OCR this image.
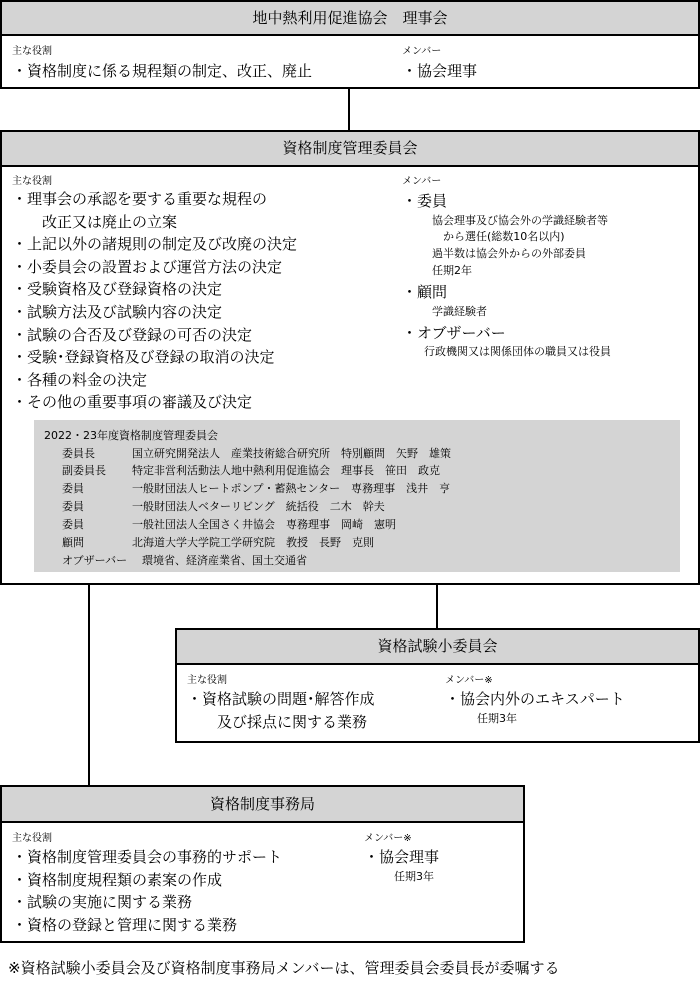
地中熱利用促進協会　理事会
主な役割
・資格制度に係る規程類の制定、改正、廃止
メンバー
・協会理事
資格制度管理委員会
主な役割
・理事会の承認を要する重要な規程の
　　改正又は廃止の立案
・上記以外の諸規則の制定及び改廃の決定
・小委員会の設置および運営方法の決定
・受験資格及び登録資格の決定
・試験方法及び試験内容の決定
・試験の合否及び登録の可否の決定
・受験･登録資格及び登録の取消の決定
・各種の料金の決定
・その他の重要事項の審議及び決定
メンバー
・委員
協会理事及び協会外の学識経験者等
　から選任(総数10名以内)
過半数は協会外からの外部委員
任期2年
・顧問
学識経験者
・オブザーバー
行政機関又は関係団体の職員又は役員
2022・23年度資格制度管理委員会
委員長	国立研究開発法人　産業技術総合研究所　特別顧問　矢野　雄策
副委員長 特定非営利活動法人地中熱利用促進協会　理事長　笹田　政克
委員	一般財団法人ヒートポンプ・蓄熱センター　専務理事　浅井　亨
委員	一般財団法人ベターリビング　統括役　二木　幹夫
委員	一般社団法人全国さく井協会　専務理事　岡崎　憲明
顧問	北海道大学大学院工学研究院　教授　長野　克則
オブザーバー 環境省、経済産業省、国土交通省
資格試験小委員会
主な役割
・資格試験の問題･解答作成
　　及び採点に関する業務
メンバー※
・協会内外のエキスパート
任期3年
資格制度事務局
主な役割
・資格制度管理委員会の事務的サポート
・資格制度規程類の素案の作成
・試験の実施に関する業務
・資格の登録と管理に関する業務
メンバー※
・協会理事
任期3年
※資格試験小委員会及び資格制度事務局メンバーは、管理委員会委員長が委嘱する
